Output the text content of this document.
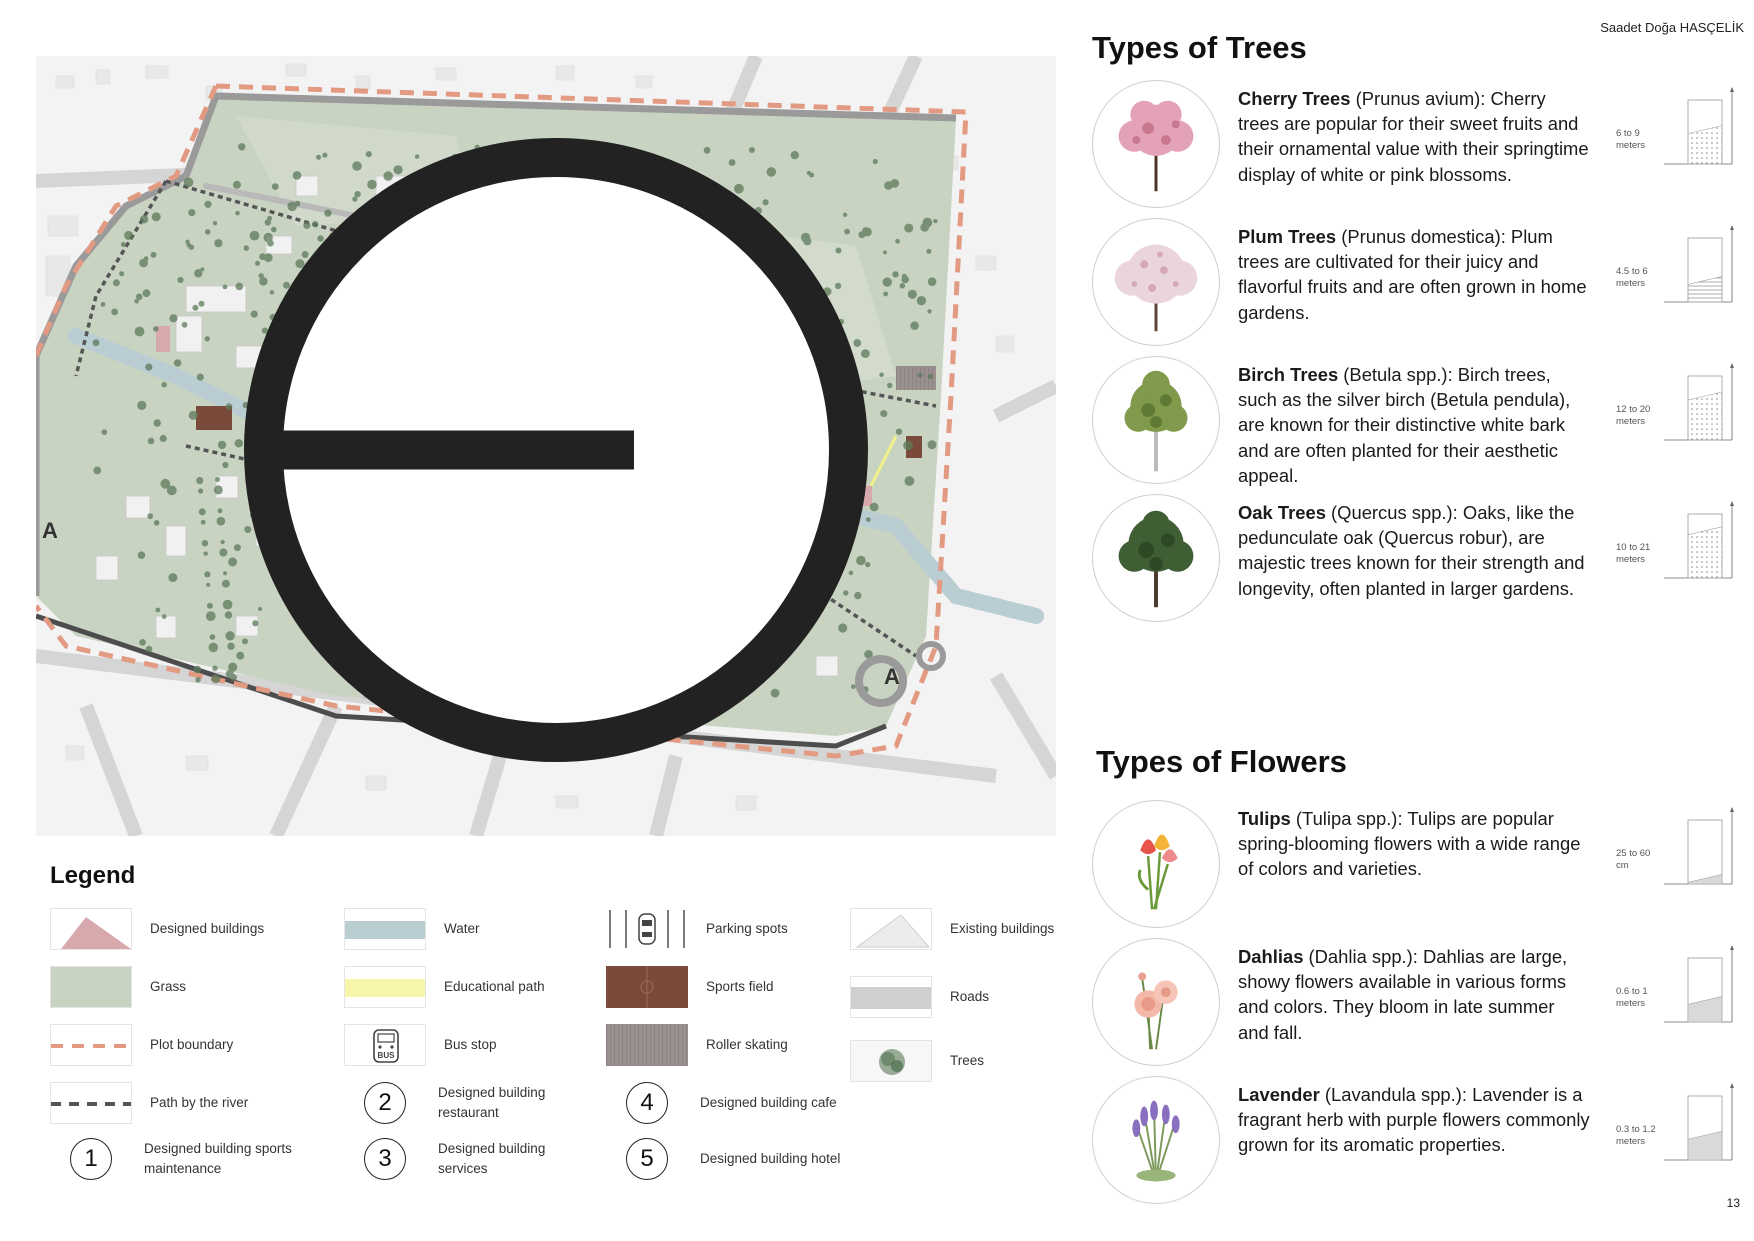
Saadet Doğa HASÇELİK
A
A
Legend
Designed buildings
Grass
Plot boundary
Path by the river
1	Designed building sports maintenance
Water
Educational path
BUS
Bus stop
2	Designed building restaurant
3	Designed building services
Parking spots
Sports field
Roller skating
4	Designed building cafe
5	Designed building hotel
Existing buildings
Roads
Trees
Types of Trees
Cherry Trees (Prunus avium): Cherry trees are popular for their sweet fruits and their ornamental value with their springtime display of white or pink blossoms.
6 to 9 meters
Plum Trees (Prunus domestica): Plum trees are cultivated for their juicy and flavorful fruits and are often grown in home gardens.
4.5 to 6 meters
Birch Trees (Betula spp.): Birch trees, such as the silver birch (Betula pendula), are known for their distinctive white bark and are often planted for their aesthetic appeal.
12 to 20 meters
Oak Trees (Quercus spp.): Oaks, like the pedunculate oak (Quercus robur), are majestic trees known for their strength and longevity, often planted in larger gardens.
10 to 21 meters
Types of Flowers
Tulips (Tulipa spp.): Tulips are popular spring-blooming flowers with a wide range of colors and varieties.
25 to 60 cm
Dahlias (Dahlia spp.): Dahlias are large, showy flowers available in various forms and colors. They bloom in late summer and fall.
0.6 to 1 meters
Lavender (Lavandula spp.): Lavender is a fragrant herb with purple flowers commonly grown for its aromatic properties.
0.3 to 1.2 meters
13
